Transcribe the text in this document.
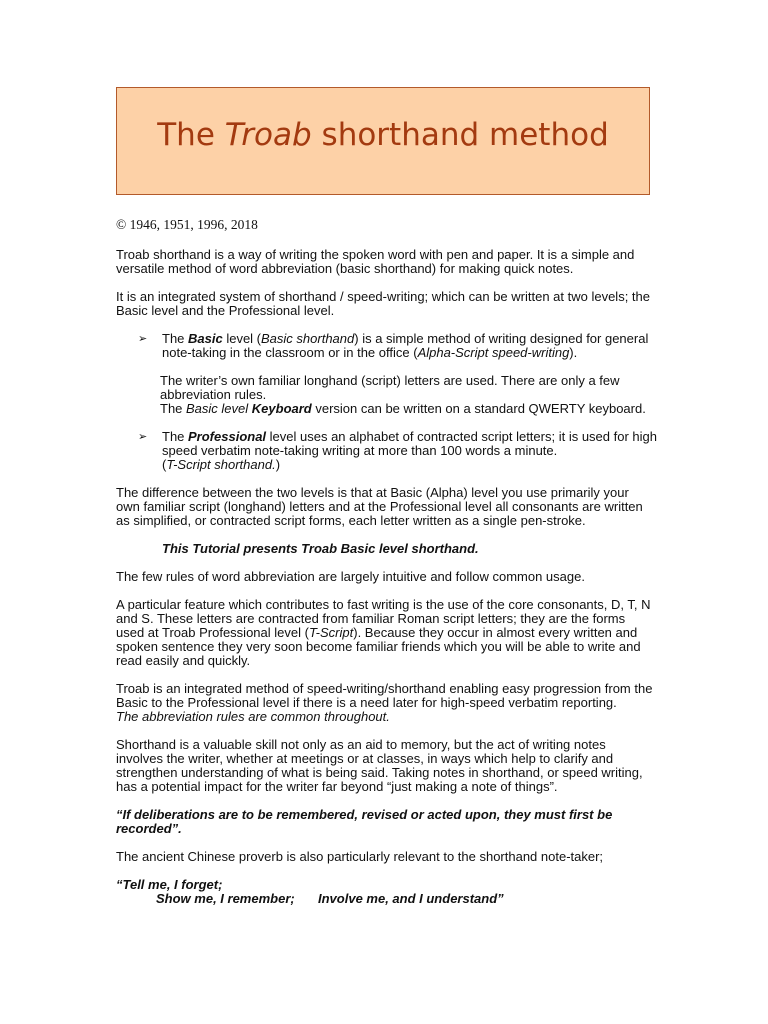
The Troab shorthand method

© 1946, 1951, 1996, 2018

Troab shorthand is a way of writing the spoken word with pen and paper. It is a simple and versatile method of word abbreviation (basic shorthand) for making quick notes.

It is an integrated system of shorthand / speed-writing; which can be written at two levels; the Basic level and the Professional level.

➢ The Basic level (Basic shorthand) is a simple method of writing designed for general note-taking in the classroom or in the office (Alpha-Script speed-writing).

The writer’s own familiar longhand (script) letters are used. There are only a few abbreviation rules.

The Basic level Keyboard version can be written on a standard QWERTY keyboard.

➢ The Professional level uses an alphabet of contracted script letters; it is used for high speed verbatim note-taking writing at more than 100 words a minute.
(T-Script shorthand.)

The difference between the two levels is that at Basic (Alpha) level you use primarily your own familiar script (longhand) letters and at the Professional level all consonants are written as simplified, or contracted script forms, each letter written as a single pen-stroke.

This Tutorial presents Troab Basic level shorthand.

The few rules of word abbreviation are largely intuitive and follow common usage.

A particular feature which contributes to fast writing is the use of the core consonants, D, T, N and S. These letters are contracted from familiar Roman script letters; they are the forms used at Troab Professional level (T-Script). Because they occur in almost every written and spoken sentence they very soon become familiar friends which you will be able to write and read easily and quickly.

Troab is an integrated method of speed-writing/shorthand enabling easy progression from the Basic to the Professional level if there is a need later for high-speed verbatim reporting.
The abbreviation rules are common throughout.

Shorthand is a valuable skill not only as an aid to memory, but the act of writing notes involves the writer, whether at meetings or at classes, in ways which help to clarify and strengthen understanding of what is being said. Taking notes in shorthand, or speed writing, has a potential impact for the writer far beyond “just making a note of things”.

“If deliberations are to be remembered, revised or acted upon, they must first be recorded”.

The ancient Chinese proverb is also particularly relevant to the shorthand note-taker;

“Tell me, I forget;

Show me, I remember;	Involve me, and I understand”
